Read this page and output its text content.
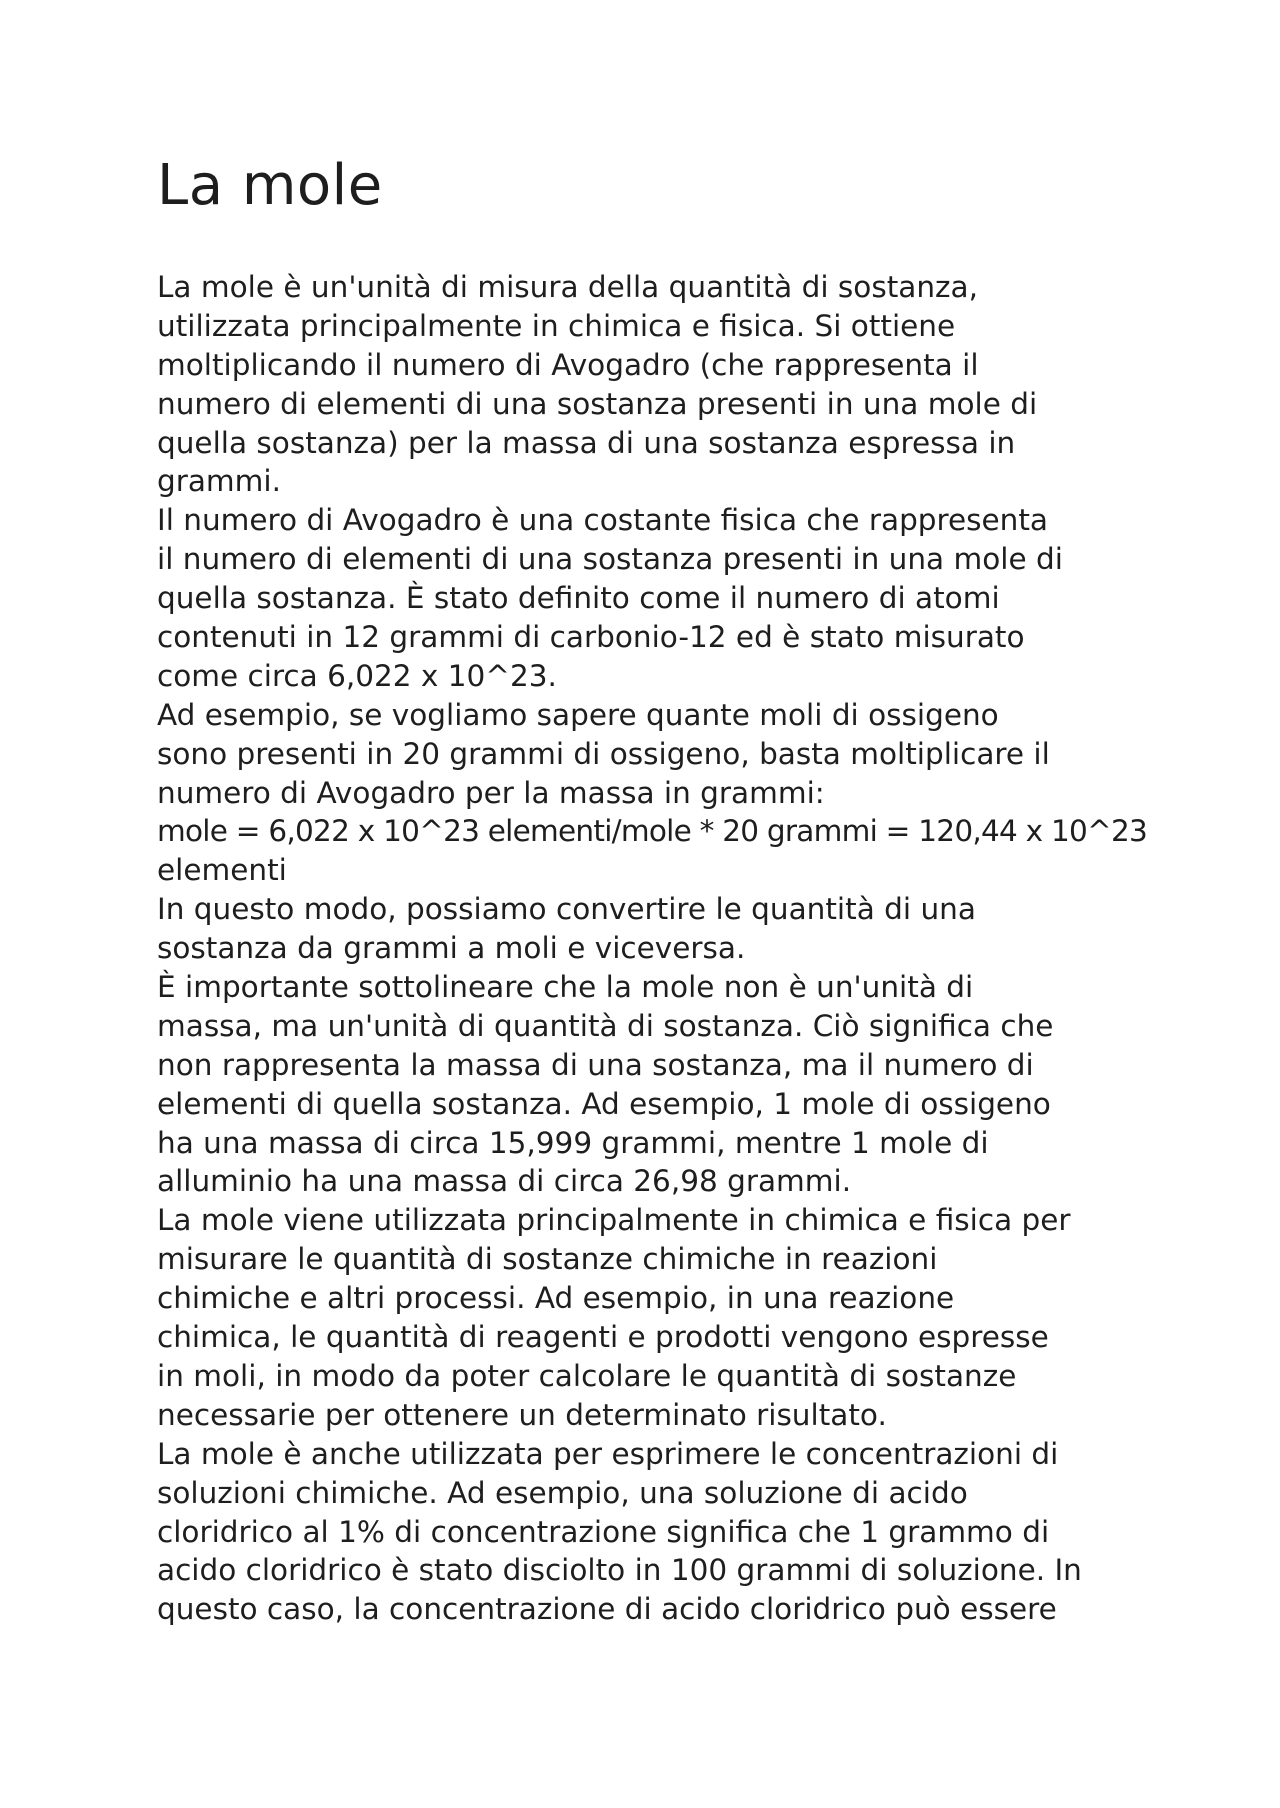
La mole
La mole è un'unità di misura della quantità di sostanza,
utilizzata principalmente in chimica e fisica. Si ottiene
moltiplicando il numero di Avogadro (che rappresenta il
numero di elementi di una sostanza presenti in una mole di
quella sostanza) per la massa di una sostanza espressa in
grammi.
Il numero di Avogadro è una costante fisica che rappresenta
il numero di elementi di una sostanza presenti in una mole di
quella sostanza. È stato definito come il numero di atomi
contenuti in 12 grammi di carbonio-12 ed è stato misurato
come circa 6,022 x 10^23.
Ad esempio, se vogliamo sapere quante moli di ossigeno
sono presenti in 20 grammi di ossigeno, basta moltiplicare il
numero di Avogadro per la massa in grammi:
mole = 6,022 x 10^23 elementi/mole * 20 grammi = 120,44 x 10^23
elementi
In questo modo, possiamo convertire le quantità di una
sostanza da grammi a moli e viceversa.
È importante sottolineare che la mole non è un'unità di
massa, ma un'unità di quantità di sostanza. Ciò significa che
non rappresenta la massa di una sostanza, ma il numero di
elementi di quella sostanza. Ad esempio, 1 mole di ossigeno
ha una massa di circa 15,999 grammi, mentre 1 mole di
alluminio ha una massa di circa 26,98 grammi.
La mole viene utilizzata principalmente in chimica e fisica per
misurare le quantità di sostanze chimiche in reazioni
chimiche e altri processi. Ad esempio, in una reazione
chimica, le quantità di reagenti e prodotti vengono espresse
in moli, in modo da poter calcolare le quantità di sostanze
necessarie per ottenere un determinato risultato.
La mole è anche utilizzata per esprimere le concentrazioni di
soluzioni chimiche. Ad esempio, una soluzione di acido
cloridrico al 1% di concentrazione significa che 1 grammo di
acido cloridrico è stato disciolto in 100 grammi di soluzione. In
questo caso, la concentrazione di acido cloridrico può essere
